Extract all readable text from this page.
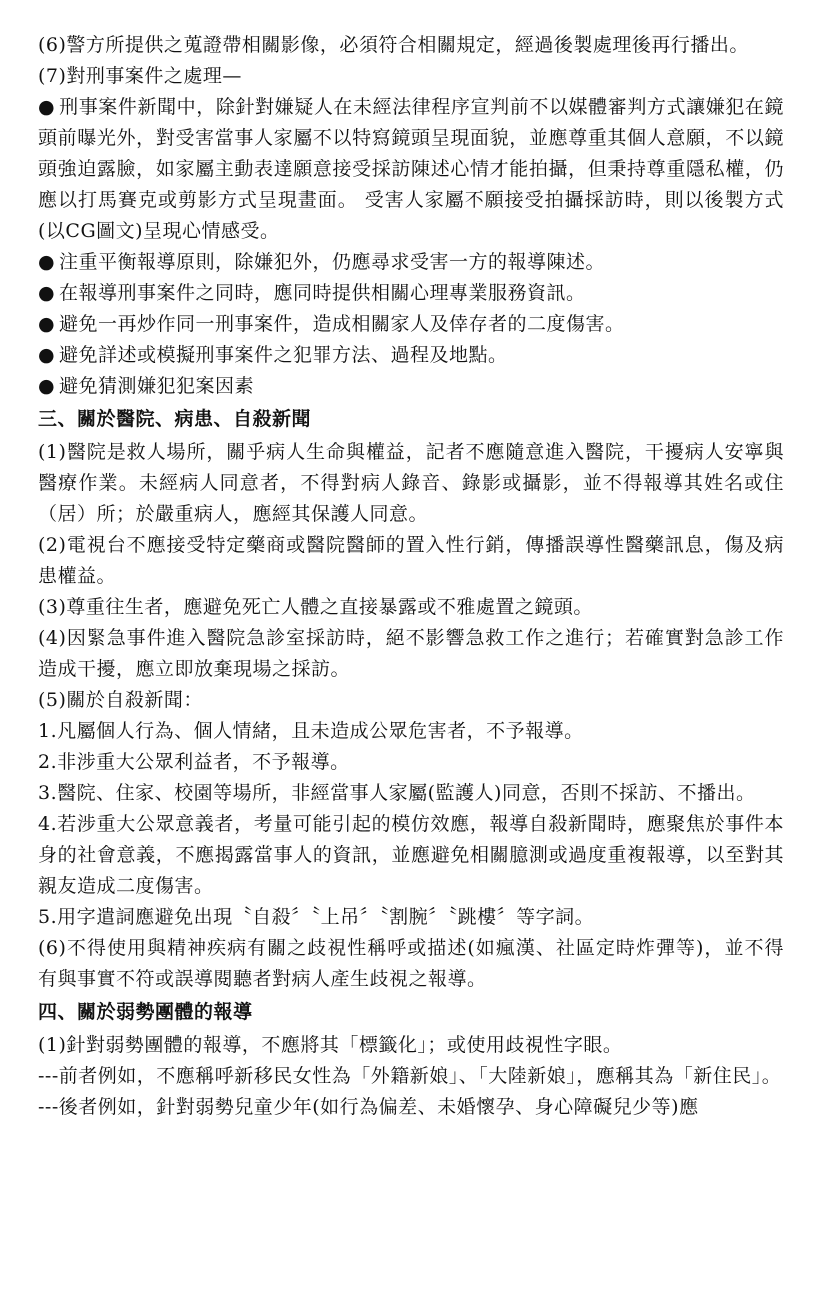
(6)警方所提供之蒐證帶相關影像，必須符合相關規定，經過後製處理後再行播出。

(7)對刑事案件之處理—

● 刑事案件新聞中，除針對嫌疑人在未經法律程序宣判前不以媒體審判方式讓嫌犯在鏡頭前曝光外，對受害當事人家屬不以特寫鏡頭呈現面貌，並應尊重其個人意願，不以鏡頭強迫露臉，如家屬主動表達願意接受採訪陳述心情才能拍攝，但秉持尊重隱私權，仍應以打馬賽克或剪影方式呈現畫面。 受害人家屬不願接受拍攝採訪時，則以後製方式(以CG圖文)呈現心情感受。

● 注重平衡報導原則，除嫌犯外，仍應尋求受害一方的報導陳述。

● 在報導刑事案件之同時，應同時提供相關心理專業服務資訊。

● 避免一再炒作同一刑事案件，造成相關家人及倖存者的二度傷害。

● 避免詳述或模擬刑事案件之犯罪方法、過程及地點。

● 避免猜測嫌犯犯案因素

三、關於醫院、病患、自殺新聞

(1)醫院是救人場所，關乎病人生命與權益，記者不應隨意進入醫院，干擾病人安寧與醫療作業。未經病人同意者，不得對病人錄音、錄影或攝影，並不得報導其姓名或住（居）所；於嚴重病人，應經其保護人同意。

(2)電視台不應接受特定藥商或醫院醫師的置入性行銷，傳播誤導性醫藥訊息，傷及病患權益。

(3)尊重往生者，應避免死亡人體之直接暴露或不雅處置之鏡頭。

(4)因緊急事件進入醫院急診室採訪時，絕不影響急救工作之進行；若確實對急診工作造成干擾，應立即放棄現場之採訪。

(5)關於自殺新聞：

1.凡屬個人行為、個人情緒，且未造成公眾危害者，不予報導。

2.非涉重大公眾利益者，不予報導。

3.醫院、住家、校園等場所，非經當事人家屬(監護人)同意，否則不採訪、不播出。

4.若涉重大公眾意義者，考量可能引起的模仿效應，報導自殺新聞時，應聚焦於事件本身的社會意義，不應揭露當事人的資訊，並應避免相關臆測或過度重複報導，以至對其親友造成二度傷害。

5.用字遣詞應避免出現〝自殺〞〝上吊〞〝割腕〞〝跳樓〞等字詞。

(6)不得使用與精神疾病有關之歧視性稱呼或描述(如瘋漢、社區定時炸彈等)，並不得有與事實不符或誤導閱聽者對病人產生歧視之報導。

四、關於弱勢團體的報導

(1)針對弱勢團體的報導，不應將其「標籤化」；或使用歧視性字眼。

---前者例如，不應稱呼新移民女性為「外籍新娘」、「大陸新娘」，應稱其為「新住民」。

---後者例如，針對弱勢兒童少年(如行為偏差、未婚懷孕、身心障礙兒少等)應
